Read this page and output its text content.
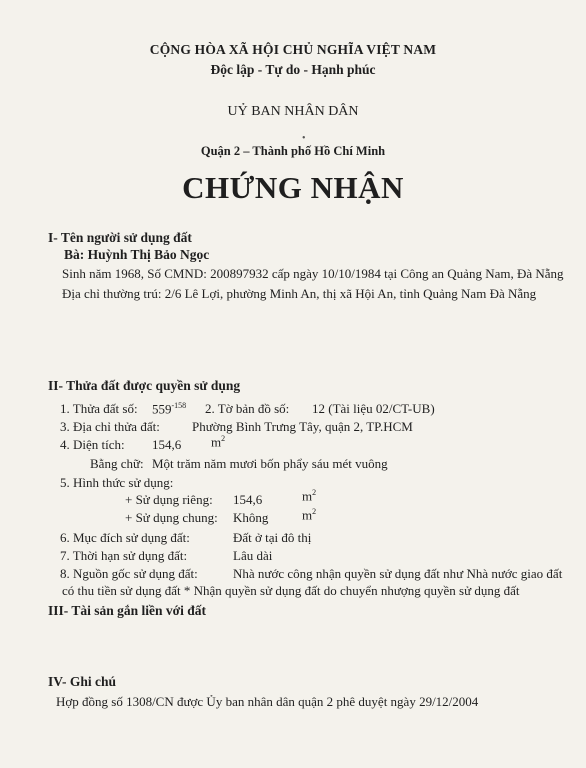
CỘNG HÒA XÃ HỘI CHỦ NGHĨA VIỆT NAM
Độc lập - Tự do - Hạnh phúc
UỶ BAN NHÂN DÂN
•
Quận 2 – Thành phố Hồ Chí Minh
CHỨNG NHẬN
I- Tên người sử dụng đất
Bà: Huỳnh Thị Bảo Ngọc
Sinh năm 1968, Số CMND: 200897932 cấp ngày 10/10/1984 tại Công an Quảng Nam, Đà Nẵng
Địa chỉ thường trú: 2/6 Lê Lợi, phường Minh An, thị xã Hội An, tỉnh Quảng Nam Đà Nẵng
II- Thửa đất được quyền sử dụng
1. Thửa đất số: $559^{-158}$ 2. Tờ bản đồ số: 12 (Tài liệu 02/CT-UB)
3. Địa chỉ thửa đất: Phường Bình Trưng Tây, quận 2, TP.HCM
4. Diện tích: 154,6 $m^2$
Bằng chữ: Một trăm năm mươi bốn phẩy sáu mét vuông
5. Hình thức sử dụng:
+ Sử dụng riêng: 154,6	$m^2$
+ Sử dụng chung: Không	$m^2$
6. Mục đích sử dụng đất:	Đất ở tại đô thị
7. Thời hạn sử dụng đất:	Lâu dài
8. Nguồn gốc sử dụng đất:	Nhà nước công nhận quyền sử dụng đất như Nhà nước giao đất
có thu tiền sử dụng đất * Nhận quyền sử dụng đất do chuyển nhượng quyền sử dụng đất
III- Tài sản gắn liền với đất
IV- Ghi chú
Hợp đồng số 1308/CN được Ủy ban nhân dân quận 2 phê duyệt ngày 29/12/2004
